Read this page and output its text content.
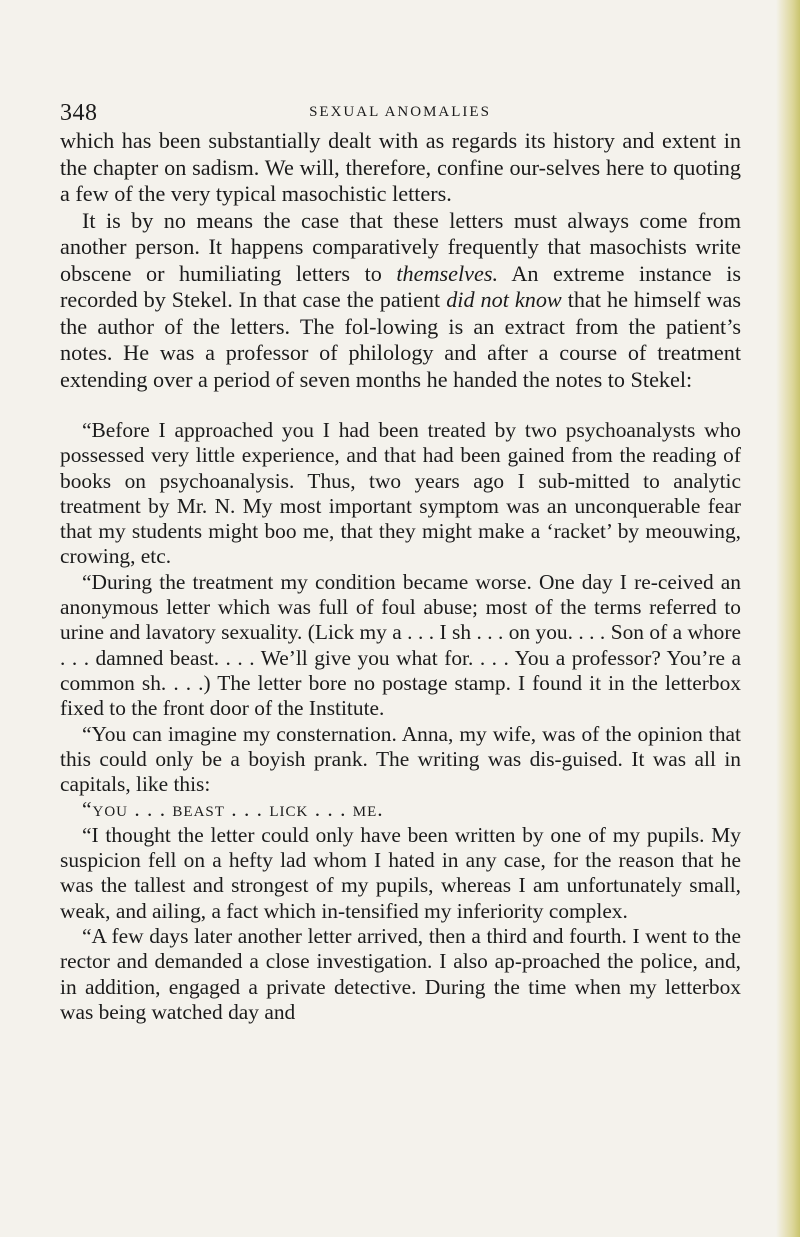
348	SEXUAL ANOMALIES

which has been substantially dealt with as regards its history and extent in the chapter on sadism. We will, therefore, confine our-selves here to quoting a few of the very typical masochistic letters.

It is by no means the case that these letters must always come from another person. It happens comparatively frequently that masochists write obscene or humiliating letters to themselves. An extreme instance is recorded by Stekel. In that case the patient did not know that he himself was the author of the letters. The fol-lowing is an extract from the patient’s notes. He was a professor of philology and after a course of treatment extending over a period of seven months he handed the notes to Stekel:

“Before I approached you I had been treated by two psychoanalysts who possessed very little experience, and that had been gained from the reading of books on psychoanalysis. Thus, two years ago I sub-mitted to analytic treatment by Mr. N. My most important symptom was an unconquerable fear that my students might boo me, that they might make a ‘racket’ by meouwing, crowing, etc.

“During the treatment my condition became worse. One day I re-ceived an anonymous letter which was full of foul abuse; most of the terms referred to urine and lavatory sexuality. (Lick my a . . . I sh . . . on you. . . . Son of a whore . . . damned beast. . . . We’ll give you what for. . . . You a professor? You’re a common sh. . . .) The letter bore no postage stamp. I found it in the letterbox fixed to the front door of the Institute.

“You can imagine my consternation. Anna, my wife, was of the opinion that this could only be a boyish prank. The writing was dis-guised. It was all in capitals, like this:

“you . . . beast . . . lick . . . me.

“I thought the letter could only have been written by one of my pupils. My suspicion fell on a hefty lad whom I hated in any case, for the reason that he was the tallest and strongest of my pupils, whereas I am unfortunately small, weak, and ailing, a fact which in-tensified my inferiority complex.

“A few days later another letter arrived, then a third and fourth. I went to the rector and demanded a close investigation. I also ap-proached the police, and, in addition, engaged a private detective. During the time when my letterbox was being watched day and
